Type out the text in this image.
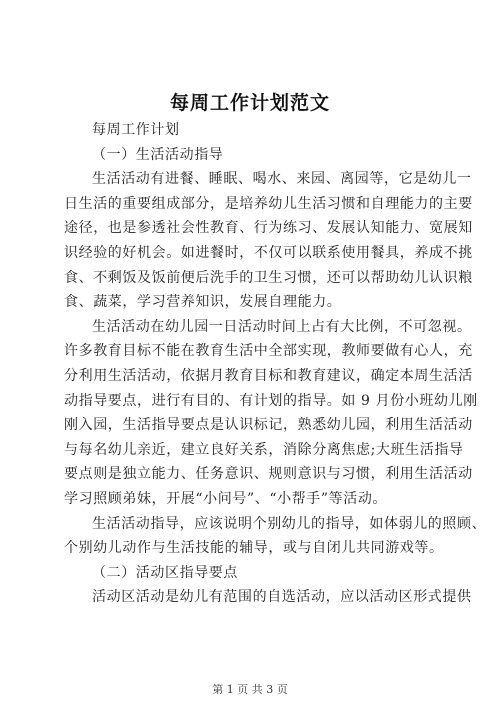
每周工作计划范文
每周工作计划
（一）生活活动指导
生活活动有进餐、睡眠、喝水、来园、离园等，它是幼儿一
日生活的重要组成部分，是培养幼儿生活习惯和自理能力的主要
途径，也是参透社会性教育、行为练习、发展认知能力、宽展知
识经验的好机会。如进餐时，不仅可以联系使用餐具，养成不挑
食、不剩饭及饭前便后洗手的卫生习惯，还可以帮助幼儿认识粮
食、蔬菜，学习营养知识，发展自理能力。
生活活动在幼儿园一日活动时间上占有大比例，不可忽视。
许多教育目标不能在教育生活中全部实现，教师要做有心人，充
分利用生活活动，依据月教育目标和教育建议，确定本周生活活
动指导要点，进行有目的、有计划的指导。如 9 月份小班幼儿刚
刚入园，生活指导要点是认识标记，熟悉幼儿园，利用生活活动
与每名幼儿亲近，建立良好关系，消除分离焦虑;大班生活指导
要点则是独立能力、任务意识、规则意识与习惯，利用生活活动
学习照顾弟妹，开展“小问号”、“小帮手”等活动。
生活活动指导，应该说明个别幼儿的指导，如体弱儿的照顾、
个别幼儿动作与生活技能的辅导，或与自闭儿共同游戏等。
（二）活动区指导要点
活动区活动是幼儿有范围的自选活动，应以活动区形式提供
第 1 页 共 3 页
